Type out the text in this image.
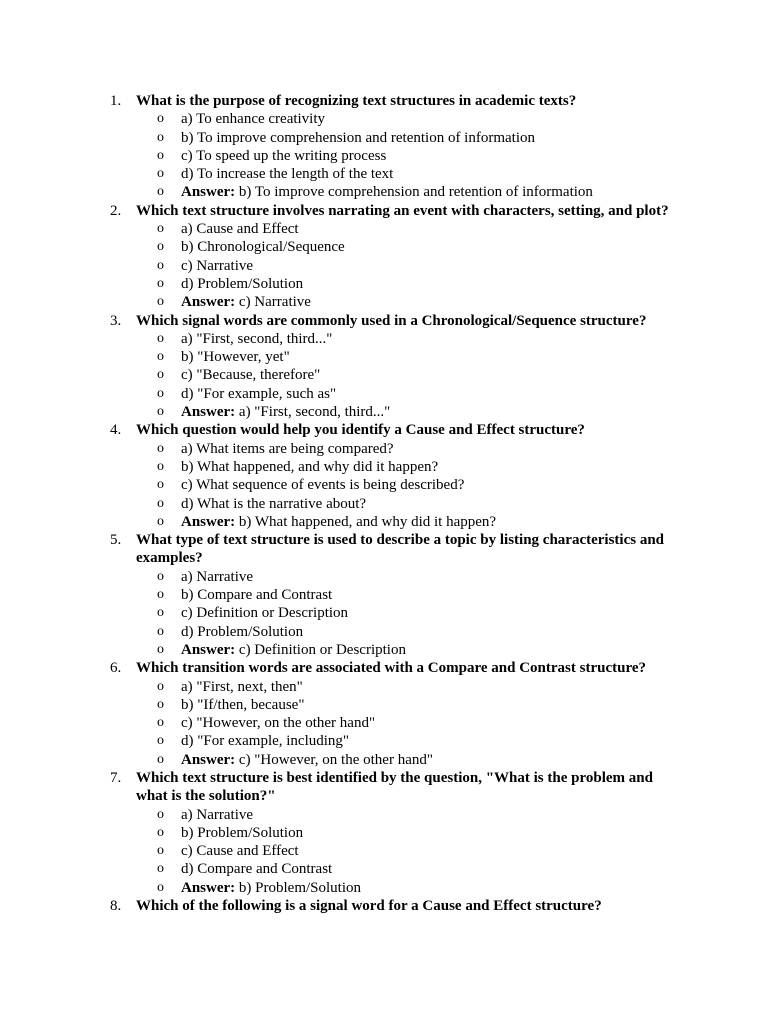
1. What is the purpose of recognizing text structures in academic texts?
o a) To enhance creativity
o b) To improve comprehension and retention of information
o c) To speed up the writing process
o d) To increase the length of the text
o Answer: b) To improve comprehension and retention of information
2. Which text structure involves narrating an event with characters, setting, and plot?
o a) Cause and Effect
o b) Chronological/Sequence
o c) Narrative
o d) Problem/Solution
o Answer: c) Narrative
3. Which signal words are commonly used in a Chronological/Sequence structure?
o a) "First, second, third..."
o b) "However, yet"
o c) "Because, therefore"
o d) "For example, such as"
o Answer: a) "First, second, third..."
4. Which question would help you identify a Cause and Effect structure?
o a) What items are being compared?
o b) What happened, and why did it happen?
o c) What sequence of events is being described?
o d) What is the narrative about?
o Answer: b) What happened, and why did it happen?
5. What type of text structure is used to describe a topic by listing characteristics and examples?
o a) Narrative
o b) Compare and Contrast
o c) Definition or Description
o d) Problem/Solution
o Answer: c) Definition or Description
6. Which transition words are associated with a Compare and Contrast structure?
o a) "First, next, then"
o b) "If/then, because"
o c) "However, on the other hand"
o d) "For example, including"
o Answer: c) "However, on the other hand"
7. Which text structure is best identified by the question, "What is the problem and what is the solution?"
o a) Narrative
o b) Problem/Solution
o c) Cause and Effect
o d) Compare and Contrast
o Answer: b) Problem/Solution
8. Which of the following is a signal word for a Cause and Effect structure?
